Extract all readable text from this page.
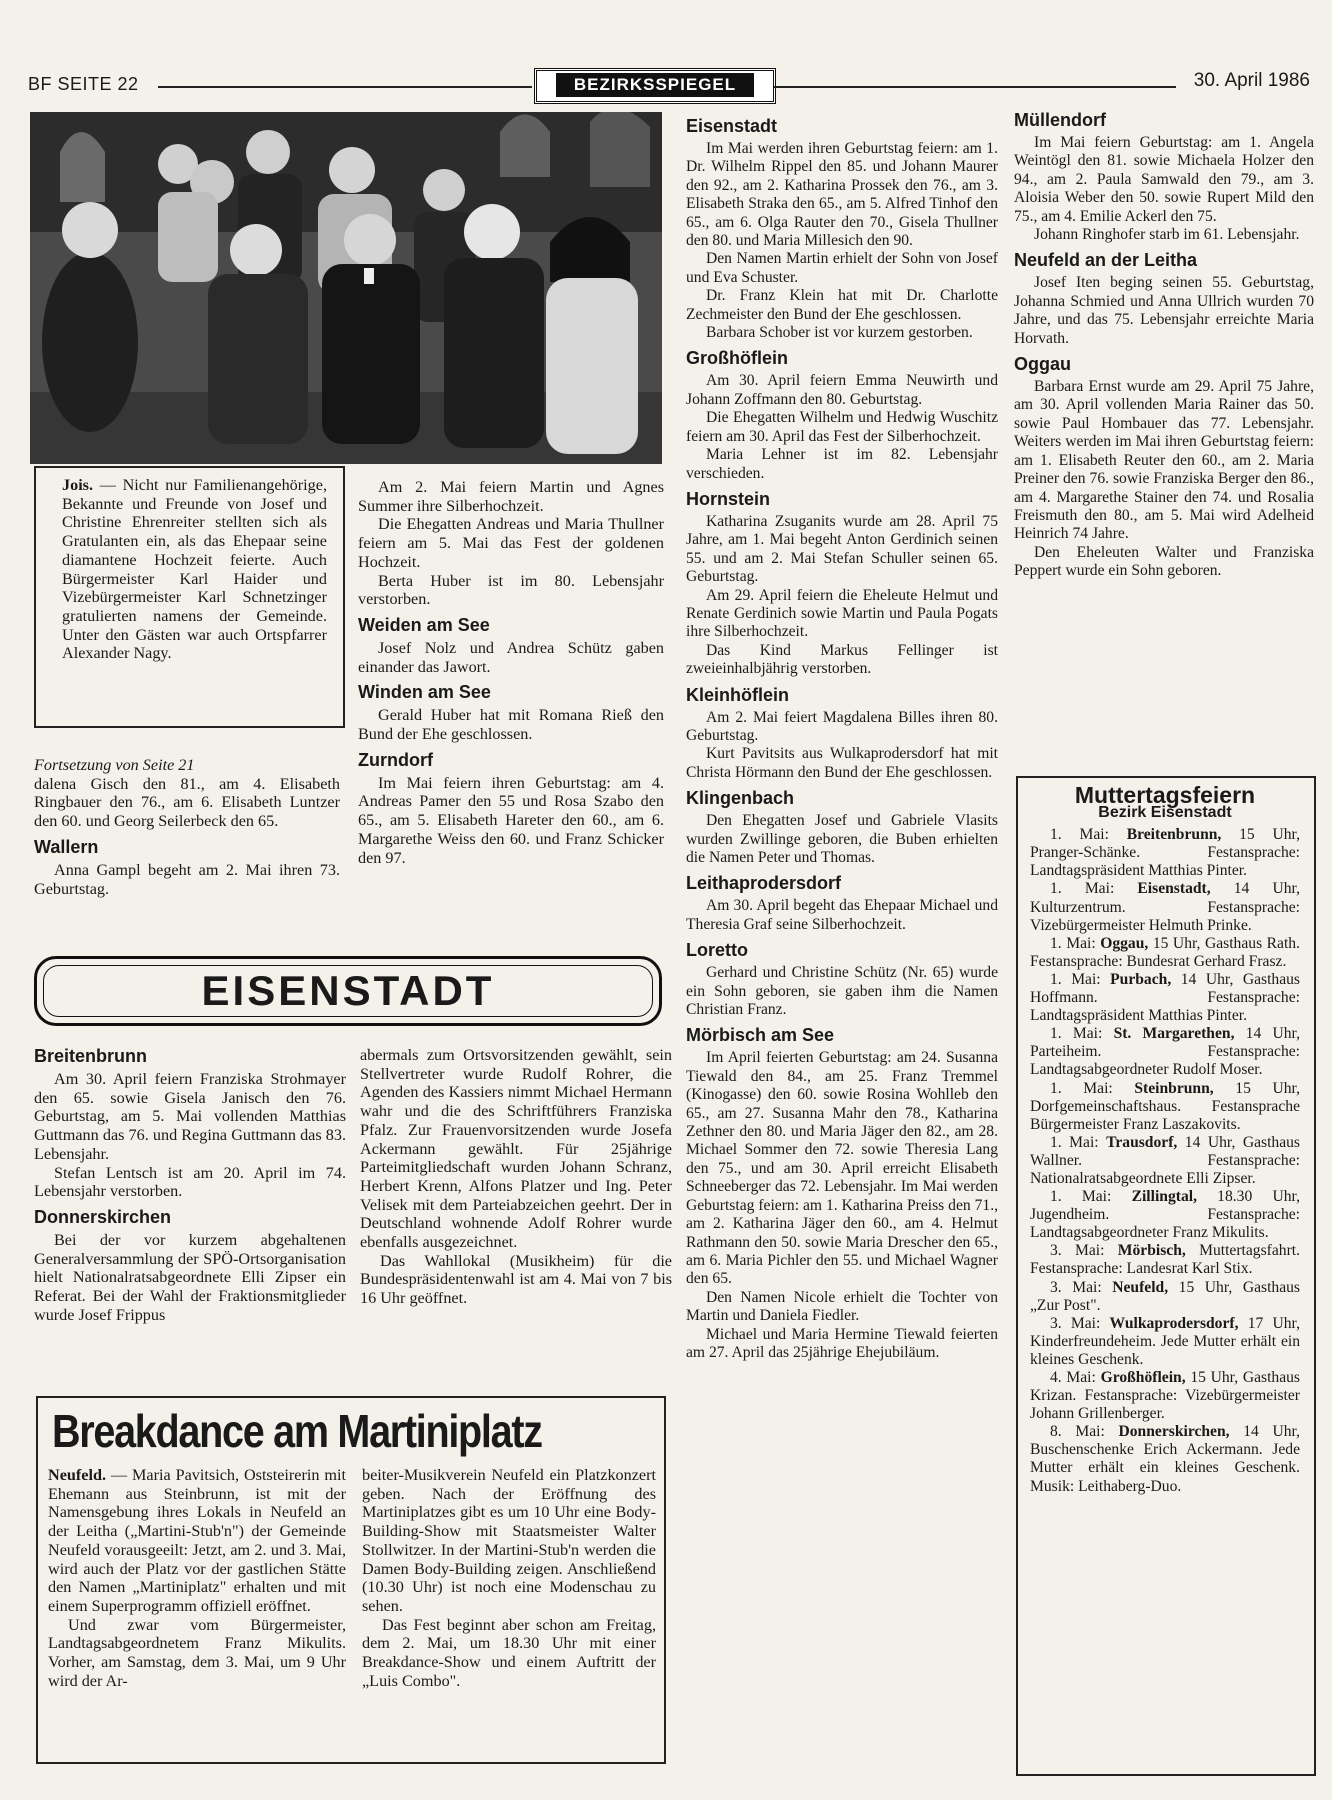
BF SEITE 22	BEZIRKSSPIEGEL	30. April 1986

Jois. — Nicht nur Familienangehörige, Bekannte und Freunde von Josef und Christine Ehrenreiter stellten sich als Gratulanten ein, als das Ehepaar seine diamantene Hochzeit feierte. Auch Bürgermeister Karl Haider und Vizebürgermeister Karl Schnetzinger gratulierten namens der Gemeinde. Unter den Gästen war auch Ortspfarrer Alexander Nagy.

Fortsetzung von Seite 21

dalena Gisch den 81., am 4. Elisabeth Ringbauer den 76., am 6. Elisabeth Luntzer den 60. und Georg Seilerbeck den 65.

Wallern

Anna Gampl begeht am 2. Mai ihren 73. Geburtstag.

Am 2. Mai feiern Martin und Agnes Summer ihre Silberhochzeit.

Die Ehegatten Andreas und Maria Thullner feiern am 5. Mai das Fest der goldenen Hochzeit.

Berta Huber ist im 80. Lebensjahr verstorben.

Weiden am See

Josef Nolz und Andrea Schütz gaben einander das Jawort.

Winden am See

Gerald Huber hat mit Romana Rieß den Bund der Ehe geschlossen.

Zurndorf

Im Mai feiern ihren Geburtstag: am 4. Andreas Pamer den 55 und Rosa Szabo den 65., am 5. Elisabeth Hareter den 60., am 6. Margarethe Weiss den 60. und Franz Schicker den 97.

EISENSTADT
Breitenbrunn

Am 30. April feiern Franziska Strohmayer den 65. sowie Gisela Janisch den 76. Geburtstag, am 5. Mai vollenden Matthias Guttmann das 76. und Regina Guttmann das 83. Lebensjahr.

Stefan Lentsch ist am 20. April im 74. Lebensjahr verstorben.

Donnerskirchen

Bei der vor kurzem abgehaltenen Generalversammlung der SPÖ-Ortsorganisation hielt Nationalratsabgeordnete Elli Zipser ein Referat. Bei der Wahl der Fraktionsmitglieder wurde Josef Frippus

abermals zum Ortsvorsitzenden gewählt, sein Stellvertreter wurde Rudolf Rohrer, die Agenden des Kassiers nimmt Michael Hermann wahr und die des Schriftführers Franziska Pfalz. Zur Frauenvorsitzenden wurde Josefa Ackermann gewählt. Für 25jährige Parteimitgliedschaft wurden Johann Schranz, Herbert Krenn, Alfons Platzer und Ing. Peter Velisek mit dem Parteiabzeichen geehrt. Der in Deutschland wohnende Adolf Rohrer wurde ebenfalls ausgezeichnet.

Das Wahllokal (Musikheim) für die Bundespräsidentenwahl ist am 4. Mai von 7 bis 16 Uhr geöffnet.

Breakdance am Martiniplatz

Neufeld. — Maria Pavitsich, Oststeirerin mit Ehemann aus Steinbrunn, ist mit der Namensgebung ihres Lokals in Neufeld an der Leitha („Martini-Stub'n") der Gemeinde Neufeld vorausgeeilt: Jetzt, am 2. und 3. Mai, wird auch der Platz vor der gastlichen Stätte den Namen „Martiniplatz" erhalten und mit einem Superprogramm offiziell eröffnet.

Und zwar vom Bürgermeister, Landtagsabgeordnetem Franz Mikulits. Vorher, am Samstag, dem 3. Mai, um 9 Uhr wird der Ar-

beiter-Musikverein Neufeld ein Platzkonzert geben. Nach der Eröffnung des Martiniplatzes gibt es um 10 Uhr eine Body-Building-Show mit Staatsmeister Walter Stollwitzer. In der Martini-Stub'n werden die Damen Body-Building zeigen. Anschließend (10.30 Uhr) ist noch eine Modenschau zu sehen.

Das Fest beginnt aber schon am Freitag, dem 2. Mai, um 18.30 Uhr mit einer Breakdance-Show und einem Auftritt der „Luis Combo".

Eisenstadt

Im Mai werden ihren Geburtstag feiern: am 1. Dr. Wilhelm Rippel den 85. und Johann Maurer den 92., am 2. Katharina Prossek den 76., am 3. Elisabeth Straka den 65., am 5. Alfred Tinhof den 65., am 6. Olga Rauter den 70., Gisela Thullner den 80. und Maria Millesich den 90.

Den Namen Martin erhielt der Sohn von Josef und Eva Schuster.

Dr. Franz Klein hat mit Dr. Charlotte Zechmeister den Bund der Ehe geschlossen.

Barbara Schober ist vor kurzem gestorben.

Großhöflein

Am 30. April feiern Emma Neuwirth und Johann Zoffmann den 80. Geburtstag.

Die Ehegatten Wilhelm und Hedwig Wuschitz feiern am 30. April das Fest der Silberhochzeit.

Maria Lehner ist im 82. Lebensjahr verschieden.

Hornstein

Katharina Zsuganits wurde am 28. April 75 Jahre, am 1. Mai begeht Anton Gerdinich seinen 55. und am 2. Mai Stefan Schuller seinen 65. Geburtstag.

Am 29. April feiern die Eheleute Helmut und Renate Gerdinich sowie Martin und Paula Pogats ihre Silberhochzeit.

Das Kind Markus Fellinger ist zweieinhalbjährig verstorben.

Kleinhöflein

Am 2. Mai feiert Magdalena Billes ihren 80. Geburtstag.

Kurt Pavitsits aus Wulkaprodersdorf hat mit Christa Hörmann den Bund der Ehe geschlossen.

Klingenbach

Den Ehegatten Josef und Gabriele Vlasits wurden Zwillinge geboren, die Buben erhielten die Namen Peter und Thomas.

Leithaprodersdorf

Am 30. April begeht das Ehepaar Michael und Theresia Graf seine Silberhochzeit.

Loretto

Gerhard und Christine Schütz (Nr. 65) wurde ein Sohn geboren, sie gaben ihm die Namen Christian Franz.

Mörbisch am See

Im April feierten Geburtstag: am 24. Susanna Tiewald den 84., am 25. Franz Tremmel (Kinogasse) den 60. sowie Rosina Wohlleb den 65., am 27. Susanna Mahr den 78., Katharina Zethner den 80. und Maria Jäger den 82., am 28. Michael Sommer den 72. sowie Theresia Lang den 75., und am 30. April erreicht Elisabeth Schneeberger das 72. Lebensjahr. Im Mai werden Geburtstag feiern: am 1. Katharina Preiss den 71., am 2. Katharina Jäger den 60., am 4. Helmut Rathmann den 50. sowie Maria Drescher den 65., am 6. Maria Pichler den 55. und Michael Wagner den 65.

Den Namen Nicole erhielt die Tochter von Martin und Daniela Fiedler.

Michael und Maria Hermine Tiewald feierten am 27. April das 25jährige Ehejubiläum.

Müllendorf

Im Mai feiern Geburtstag: am 1. Angela Weintögl den 81. sowie Michaela Holzer den 94., am 2. Paula Samwald den 79., am 3. Aloisia Weber den 50. sowie Rupert Mild den 75., am 4. Emilie Ackerl den 75.

Johann Ringhofer starb im 61. Lebensjahr.

Neufeld an der Leitha

Josef Iten beging seinen 55. Geburtstag, Johanna Schmied und Anna Ullrich wurden 70 Jahre, und das 75. Lebensjahr erreichte Maria Horvath.

Oggau

Barbara Ernst wurde am 29. April 75 Jahre, am 30. April vollenden Maria Rainer das 50. sowie Paul Hombauer das 77. Lebensjahr. Weiters werden im Mai ihren Geburtstag feiern: am 1. Elisabeth Reuter den 60., am 2. Maria Preiner den 76. sowie Franziska Berger den 86., am 4. Margarethe Stainer den 74. und Rosalia Freismuth den 80., am 5. Mai wird Adelheid Heinrich 74 Jahre.

Den Eheleuten Walter und Franziska Peppert wurde ein Sohn geboren.

Muttertagsfeiern
Bezirk Eisenstadt

1. Mai: Breitenbrunn, 15 Uhr, Pranger-Schänke. Festansprache: Landtagspräsident Matthias Pinter.

1. Mai: Eisenstadt, 14 Uhr, Kulturzentrum. Festansprache: Vizebürgermeister Helmuth Prinke.

1. Mai: Oggau, 15 Uhr, Gasthaus Rath. Festansprache: Bundesrat Gerhard Frasz.

1. Mai: Purbach, 14 Uhr, Gasthaus Hoffmann. Festansprache: Landtagspräsident Matthias Pinter.

1. Mai: St. Margarethen, 14 Uhr, Parteiheim. Festansprache: Landtagsabgeordneter Rudolf Moser.

1. Mai: Steinbrunn, 15 Uhr, Dorfgemeinschaftshaus. Festansprache Bürgermeister Franz Laszakovits.

1. Mai: Trausdorf, 14 Uhr, Gasthaus Wallner. Festansprache: Nationalratsabgeordnete Elli Zipser.

1. Mai: Zillingtal, 18.30 Uhr, Jugendheim. Festansprache: Landtagsabgeordneter Franz Mikulits.

3. Mai: Mörbisch, Muttertagsfahrt. Festansprache: Landesrat Karl Stix.

3. Mai: Neufeld, 15 Uhr, Gasthaus „Zur Post".

3. Mai: Wulkaprodersdorf, 17 Uhr, Kinderfreundeheim. Jede Mutter erhält ein kleines Geschenk.

4. Mai: Großhöflein, 15 Uhr, Gasthaus Krizan. Festansprache: Vizebürgermeister Johann Grillenberger.

8. Mai: Donnerskirchen, 14 Uhr, Buschenschenke Erich Ackermann. Jede Mutter erhält ein kleines Geschenk. Musik: Leithaberg-Duo.
